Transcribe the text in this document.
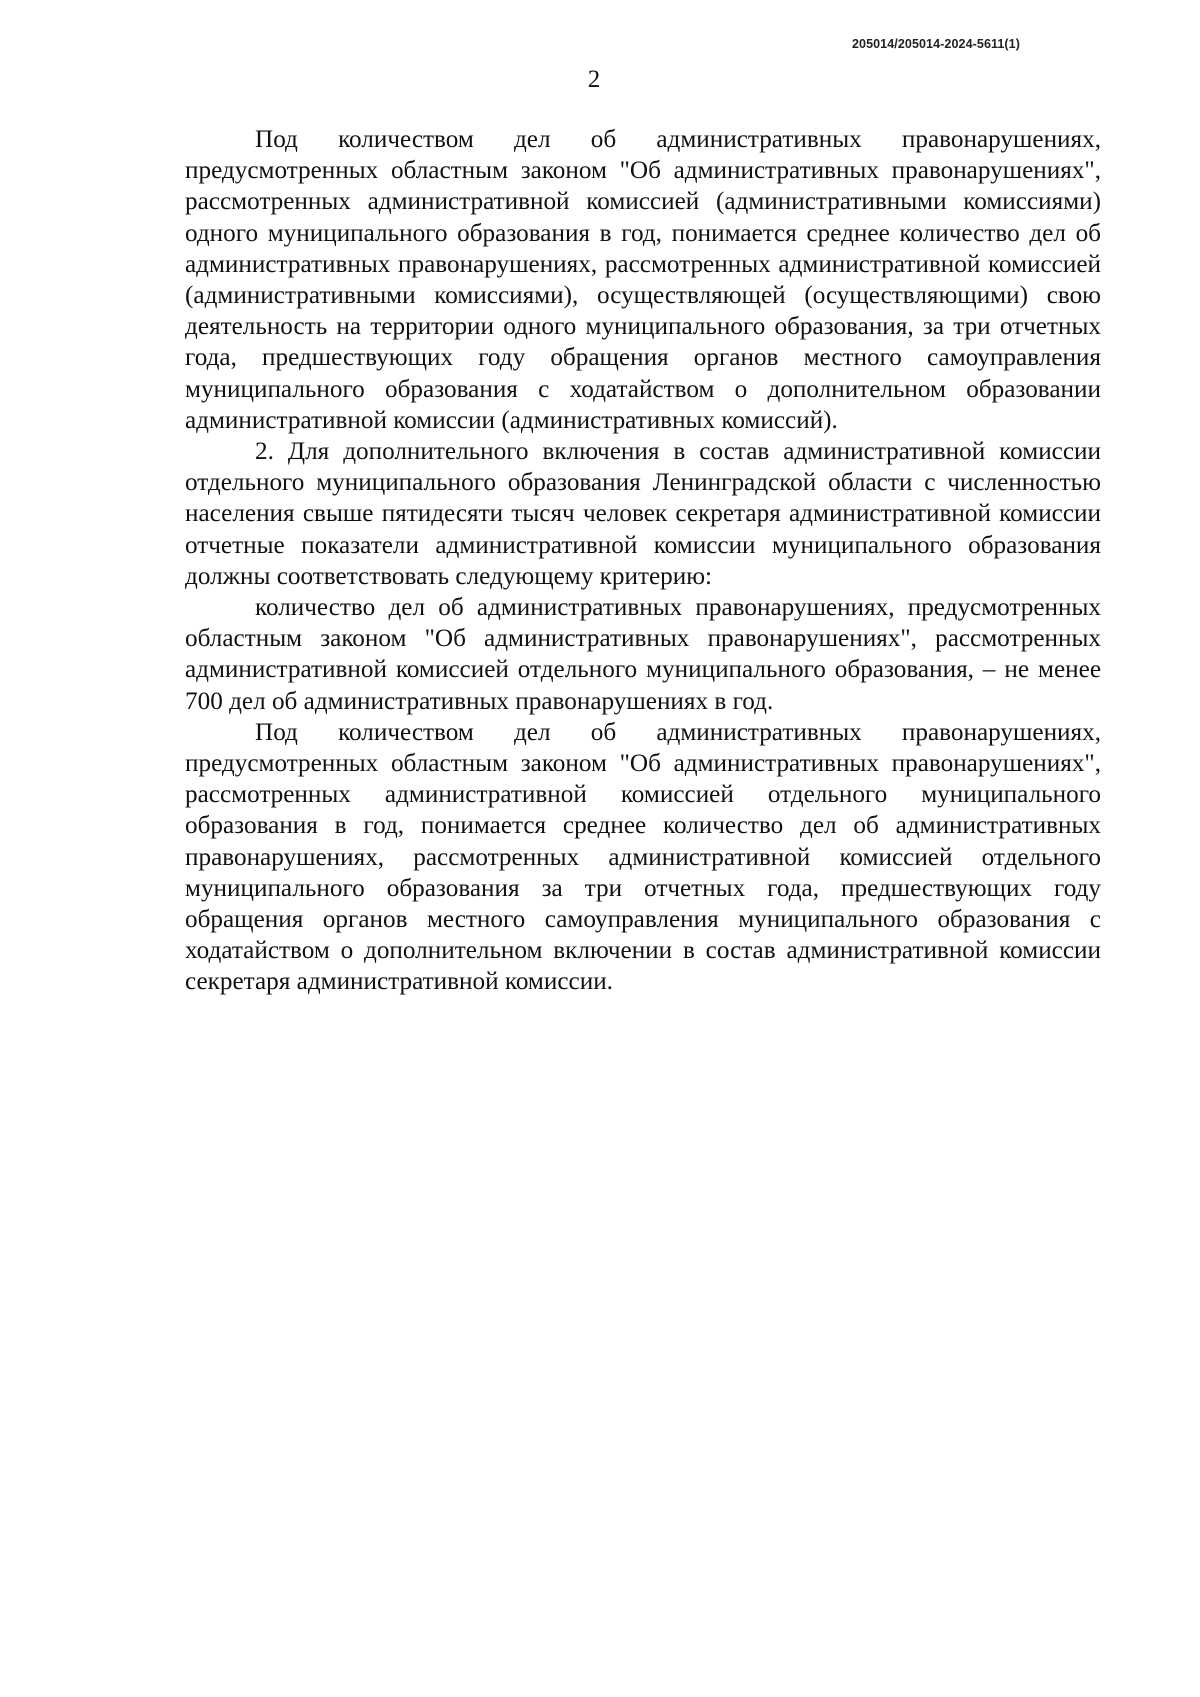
205014/205014-2024-5611(1)
2

Под количеством дел об административных правонарушениях, предусмотренных областным законом "Об административных правонарушениях", рассмотренных административной комиссией (административными комиссиями) одного муниципального образования в год, понимается среднее количество дел об административных правонарушениях, рассмотренных административной комиссией (административными комиссиями), осуществляющей (осуществляющими) свою деятельность на территории одного муниципального образования, за три отчетных года, предшествующих году обращения органов местного самоуправления муниципального образования с ходатайством о дополнительном образовании административной комиссии (административных комиссий).

2. Для дополнительного включения в состав административной комиссии отдельного муниципального образования Ленинградской области с численностью населения свыше пятидесяти тысяч человек секретаря административной комиссии отчетные показатели административной комиссии муниципального образования должны соответствовать следующему критерию:

количество дел об административных правонарушениях, предусмотренных областным законом "Об административных правонарушениях", рассмотренных административной комиссией отдельного муниципального образования, – не менее 700 дел об административных правонарушениях в год.

Под количеством дел об административных правонарушениях, предусмотренных областным законом "Об административных правонарушениях", рассмотренных административной комиссией отдельного муниципального образования в год, понимается среднее количество дел об административных правонарушениях, рассмотренных административной комиссией отдельного муниципального образования за три отчетных года, предшествующих году обращения органов местного самоуправления муниципального образования с ходатайством о дополнительном включении в состав административной комиссии секретаря административной комиссии.
